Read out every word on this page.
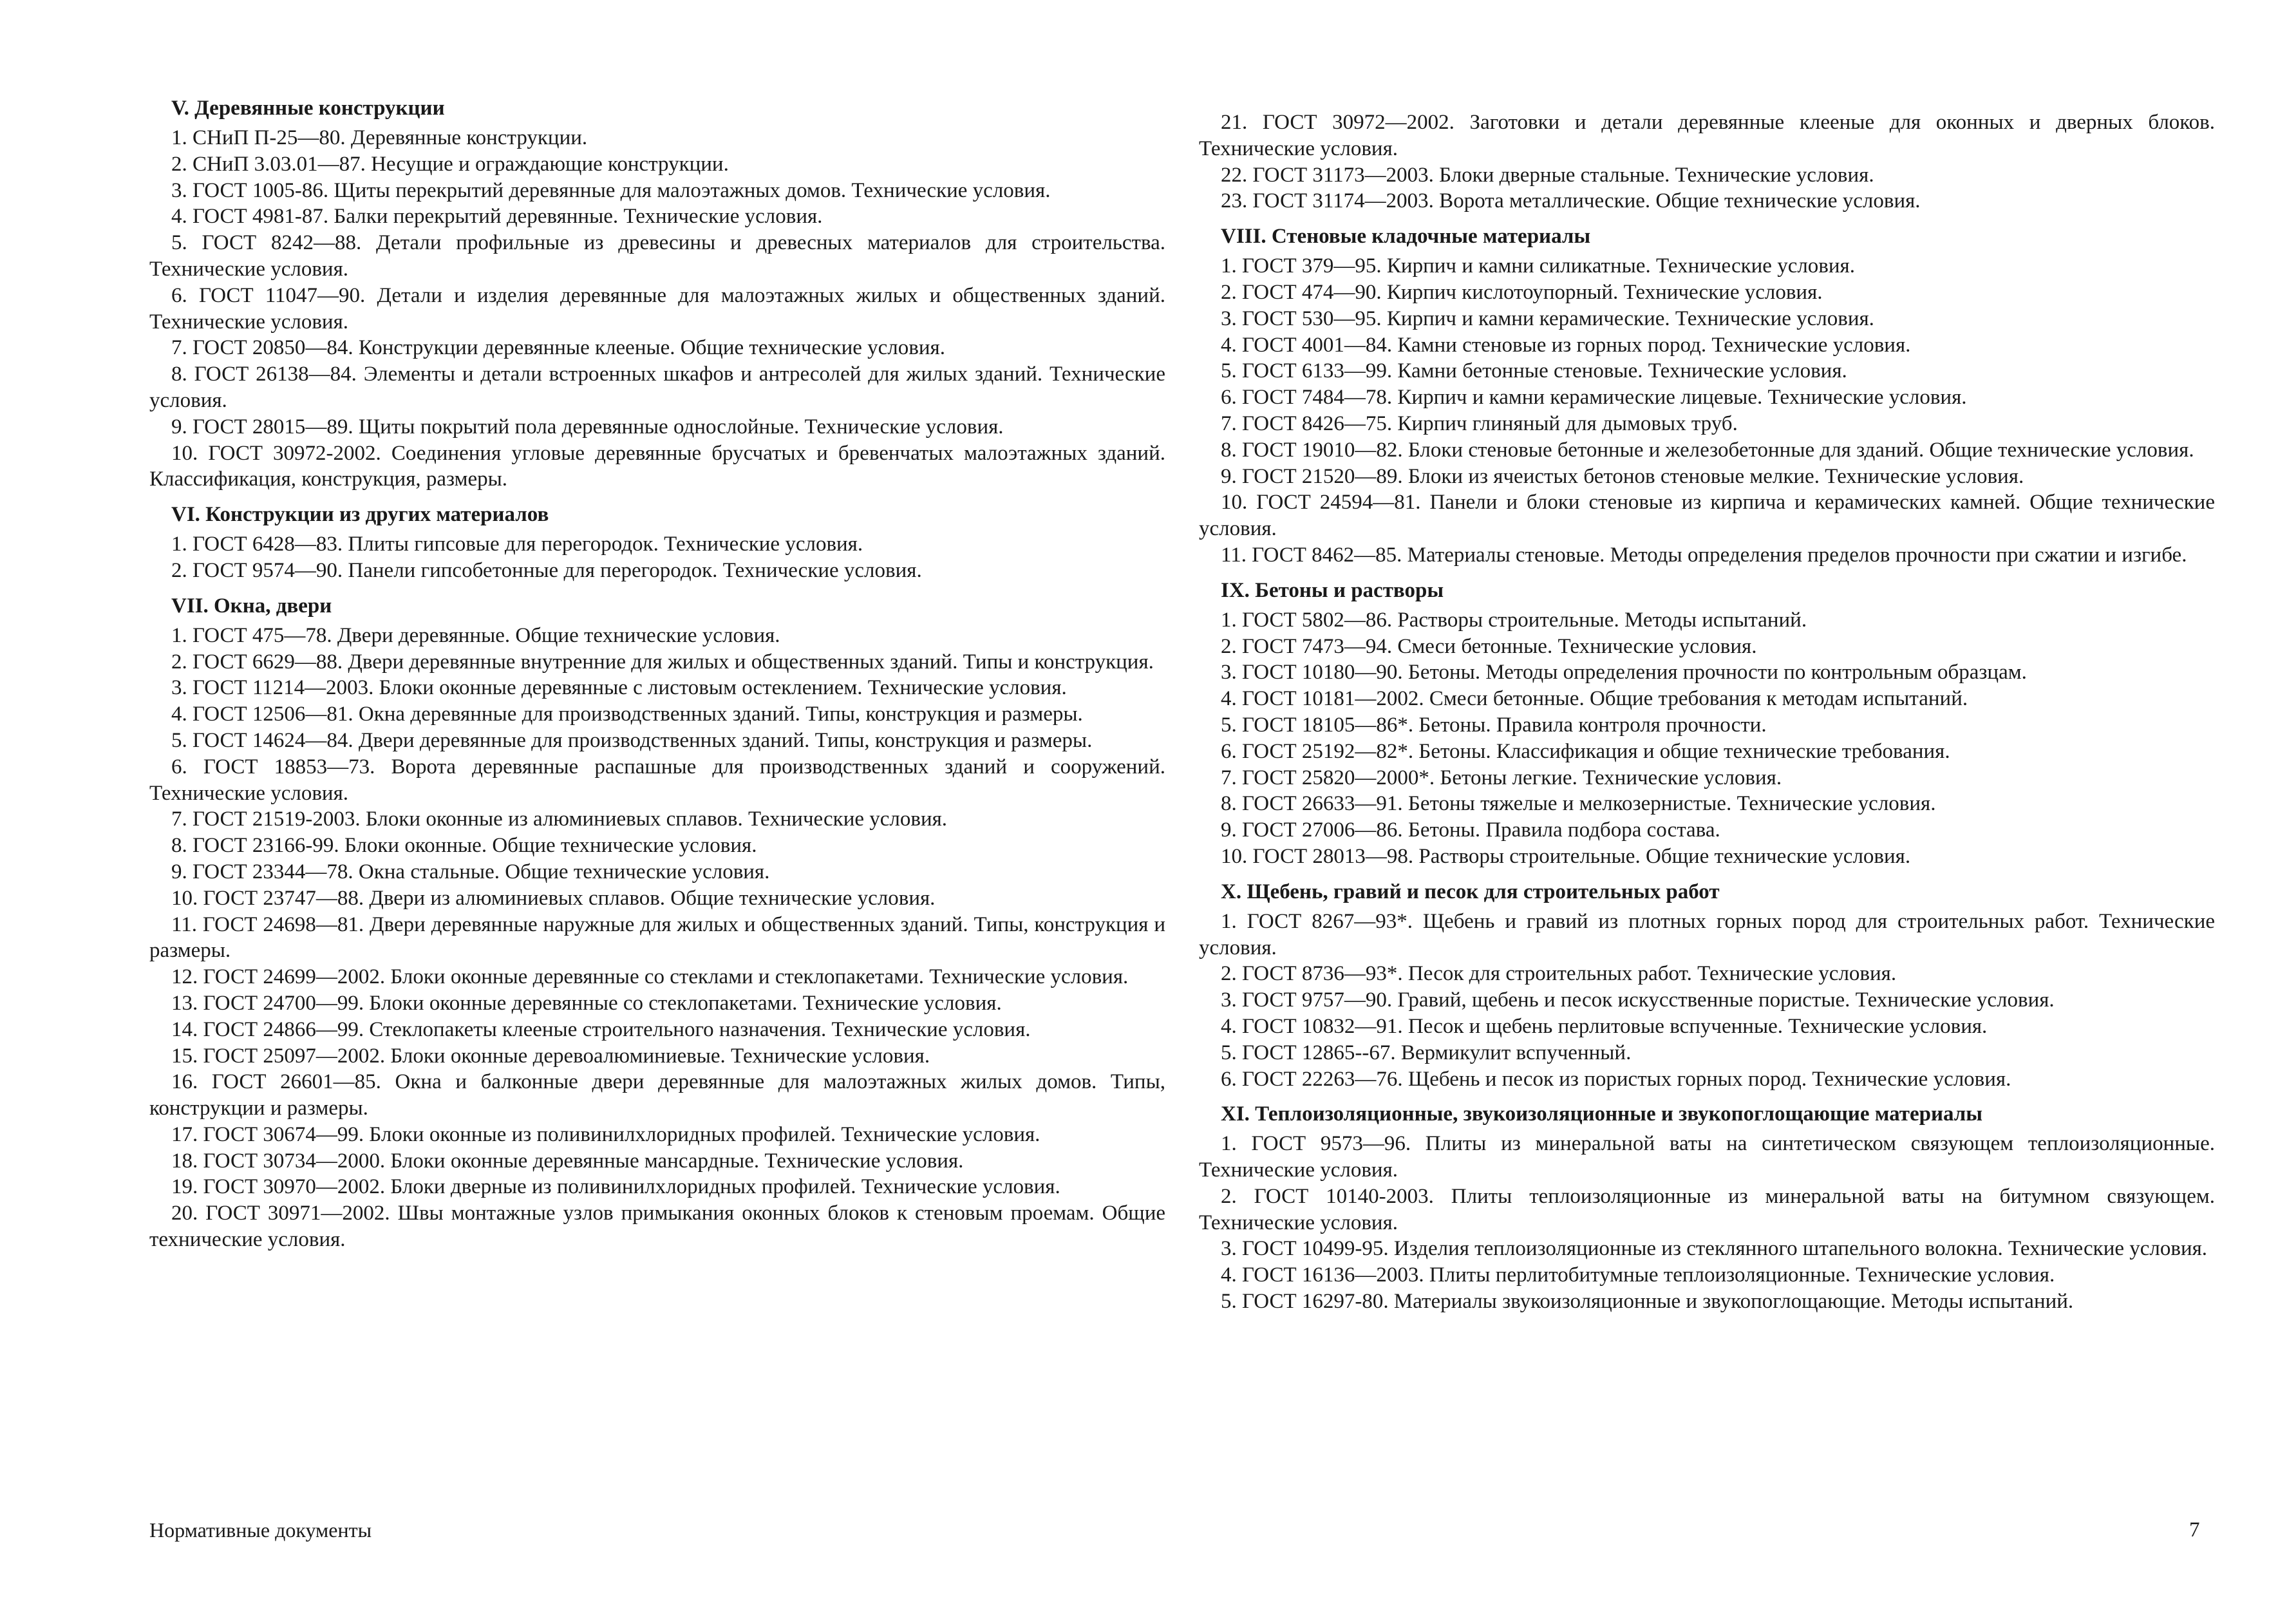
V. Деревянные конструкции

1. СНиП П-25—80. Деревянные конструкции.

2. СНиП 3.03.01—87. Несущие и ограждающие конструкции.

3. ГОСТ 1005-86. Щиты перекрытий деревянные для малоэтажных домов. Технические условия.

4. ГОСТ 4981-87. Балки перекрытий деревянные. Технические условия.

5. ГОСТ 8242—88. Детали профильные из древесины и древесных материалов для строительства. Технические условия.

6. ГОСТ 11047—90. Детали и изделия деревянные для малоэтажных жилых и общественных зданий. Технические условия.

7. ГОСТ 20850—84. Конструкции деревянные клееные. Общие технические условия.

8. ГОСТ 26138—84. Элементы и детали встроенных шкафов и антресолей для жилых зданий. Технические условия.

9. ГОСТ 28015—89. Щиты покрытий пола деревянные однослойные. Технические условия.

10. ГОСТ 30972-2002. Соединения угловые деревянные брусчатых и бревенчатых малоэтажных зданий. Классификация, конструкция, размеры.

VI. Конструкции из других материалов

1. ГОСТ 6428—83. Плиты гипсовые для перегородок. Технические условия.

2. ГОСТ 9574—90. Панели гипсобетонные для перегородок. Технические условия.

VII. Окна, двери

1. ГОСТ 475—78. Двери деревянные. Общие технические условия.

2. ГОСТ 6629—88. Двери деревянные внутренние для жилых и общественных зданий. Типы и конструкция.

3. ГОСТ 11214—2003. Блоки оконные деревянные с листовым остеклением. Технические условия.

4. ГОСТ 12506—81. Окна деревянные для производственных зданий. Типы, конструкция и размеры.

5. ГОСТ 14624—84. Двери деревянные для производственных зданий. Типы, конструкция и размеры.

6. ГОСТ 18853—73. Ворота деревянные распашные для производственных зданий и сооружений. Технические условия.

7. ГОСТ 21519-2003. Блоки оконные из алюминиевых сплавов. Технические условия.

8. ГОСТ 23166-99. Блоки оконные. Общие технические условия.

9. ГОСТ 23344—78. Окна стальные. Общие технические условия.

10. ГОСТ 23747—88. Двери из алюминиевых сплавов. Общие технические условия.

11. ГОСТ 24698—81. Двери деревянные наружные для жилых и общественных зданий. Типы, конструкция и размеры.

12. ГОСТ 24699—2002. Блоки оконные деревянные со стеклами и стеклопакетами. Технические условия.

13. ГОСТ 24700—99. Блоки оконные деревянные со стеклопакетами. Технические условия.

14. ГОСТ 24866—99. Стеклопакеты клееные строительного назначения. Технические условия.

15. ГОСТ 25097—2002. Блоки оконные деревоалюминиевые. Технические условия.

16. ГОСТ 26601—85. Окна и балконные двери деревянные для малоэтажных жилых домов. Типы, конструкции и размеры.

17. ГОСТ 30674—99. Блоки оконные из поливинилхлоридных профилей. Технические условия.

18. ГОСТ 30734—2000. Блоки оконные деревянные мансардные. Технические условия.

19. ГОСТ 30970—2002. Блоки дверные из поливинилхлоридных профилей. Технические условия.

20. ГОСТ 30971—2002. Швы монтажные узлов примыкания оконных блоков к стеновым проемам. Общие технические условия.

21. ГОСТ 30972—2002. Заготовки и детали деревянные клееные для оконных и дверных блоков. Технические условия.

22. ГОСТ 31173—2003. Блоки дверные стальные. Технические условия.

23. ГОСТ 31174—2003. Ворота металлические. Общие технические условия.

VIII. Стеновые кладочные материалы

1. ГОСТ 379—95. Кирпич и камни силикатные. Технические условия.

2. ГОСТ 474—90. Кирпич кислотоупорный. Технические условия.

3. ГОСТ 530—95. Кирпич и камни керамические. Технические условия.

4. ГОСТ 4001—84. Камни стеновые из горных пород. Технические условия.

5. ГОСТ 6133—99. Камни бетонные стеновые. Технические условия.

6. ГОСТ 7484—78. Кирпич и камни керамические лицевые. Технические условия.

7. ГОСТ 8426—75. Кирпич глиняный для дымовых труб.

8. ГОСТ 19010—82. Блоки стеновые бетонные и железобетонные для зданий. Общие технические условия.

9. ГОСТ 21520—89. Блоки из ячеистых бетонов стеновые мелкие. Технические условия.

10. ГОСТ 24594—81. Панели и блоки стеновые из кирпича и керамических камней. Общие технические условия.

11. ГОСТ 8462—85. Материалы стеновые. Методы определения пределов прочности при сжатии и изгибе.

IX. Бетоны и растворы

1. ГОСТ 5802—86. Растворы строительные. Методы испытаний.

2. ГОСТ 7473—94. Смеси бетонные. Технические условия.

3. ГОСТ 10180—90. Бетоны. Методы определения прочности по контрольным образцам.

4. ГОСТ 10181—2002. Смеси бетонные. Общие требования к методам испытаний.

5. ГОСТ 18105—86*. Бетоны. Правила контроля прочности.

6. ГОСТ 25192—82*. Бетоны. Классификация и общие технические требования.

7. ГОСТ 25820—2000*. Бетоны легкие. Технические условия.

8. ГОСТ 26633—91. Бетоны тяжелые и мелкозернистые. Технические условия.

9. ГОСТ 27006—86. Бетоны. Правила подбора состава.

10. ГОСТ 28013—98. Растворы строительные. Общие технические условия.

X. Щебень, гравий и песок для строительных работ

1. ГОСТ 8267—93*. Щебень и гравий из плотных горных пород для строительных работ. Технические условия.

2. ГОСТ 8736—93*. Песок для строительных работ. Технические условия.

3. ГОСТ 9757—90. Гравий, щебень и песок искусственные пористые. Технические условия.

4. ГОСТ 10832—91. Песок и щебень перлитовые вспученные. Технические условия.

5. ГОСТ 12865--67. Вермикулит вспученный.

6. ГОСТ 22263—76. Щебень и песок из пористых горных пород. Технические условия.

XI. Теплоизоляционные, звукоизоляционные и звукопоглощающие материалы

1. ГОСТ 9573—96. Плиты из минеральной ваты на синтетическом связующем теплоизоляционные. Технические условия.

2. ГОСТ 10140-2003. Плиты теплоизоляционные из минеральной ваты на битумном связующем. Технические условия.

3. ГОСТ 10499-95. Изделия теплоизоляционные из стеклянного штапельного волокна. Технические условия.

4. ГОСТ 16136—2003. Плиты перлитобитумные теплоизоляционные. Технические условия.

5. ГОСТ 16297-80. Материалы звукоизоляционные и звукопоглощающие. Методы испытаний.

Нормативные документы	7
